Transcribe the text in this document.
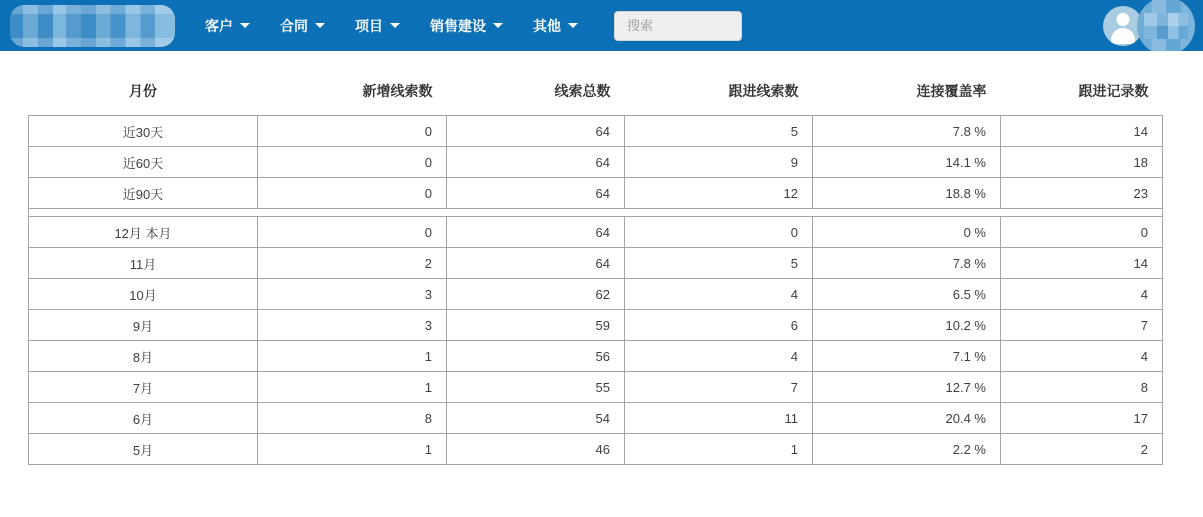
客户	合同	项目	销售建设	其他
搜索
月份	新增线索数	线索总数	跟进线索数	连接覆盖率	跟进记录数
近30天	0	64	5	7.8 %	14
近60天	0	64	9	14.1 %	18
近90天	0	64	12	18.8 %	23

12月 本月	0	64	0	0 %	0
11月	2	64	5	7.8 %	14
10月	3	62	4	6.5 %	4
9月	3	59	6	10.2 %	7
8月	1	56	4	7.1 %	4
7月	1	55	7	12.7 %	8
6月	8	54	11	20.4 %	17
5月	1	46	1	2.2 %	2
